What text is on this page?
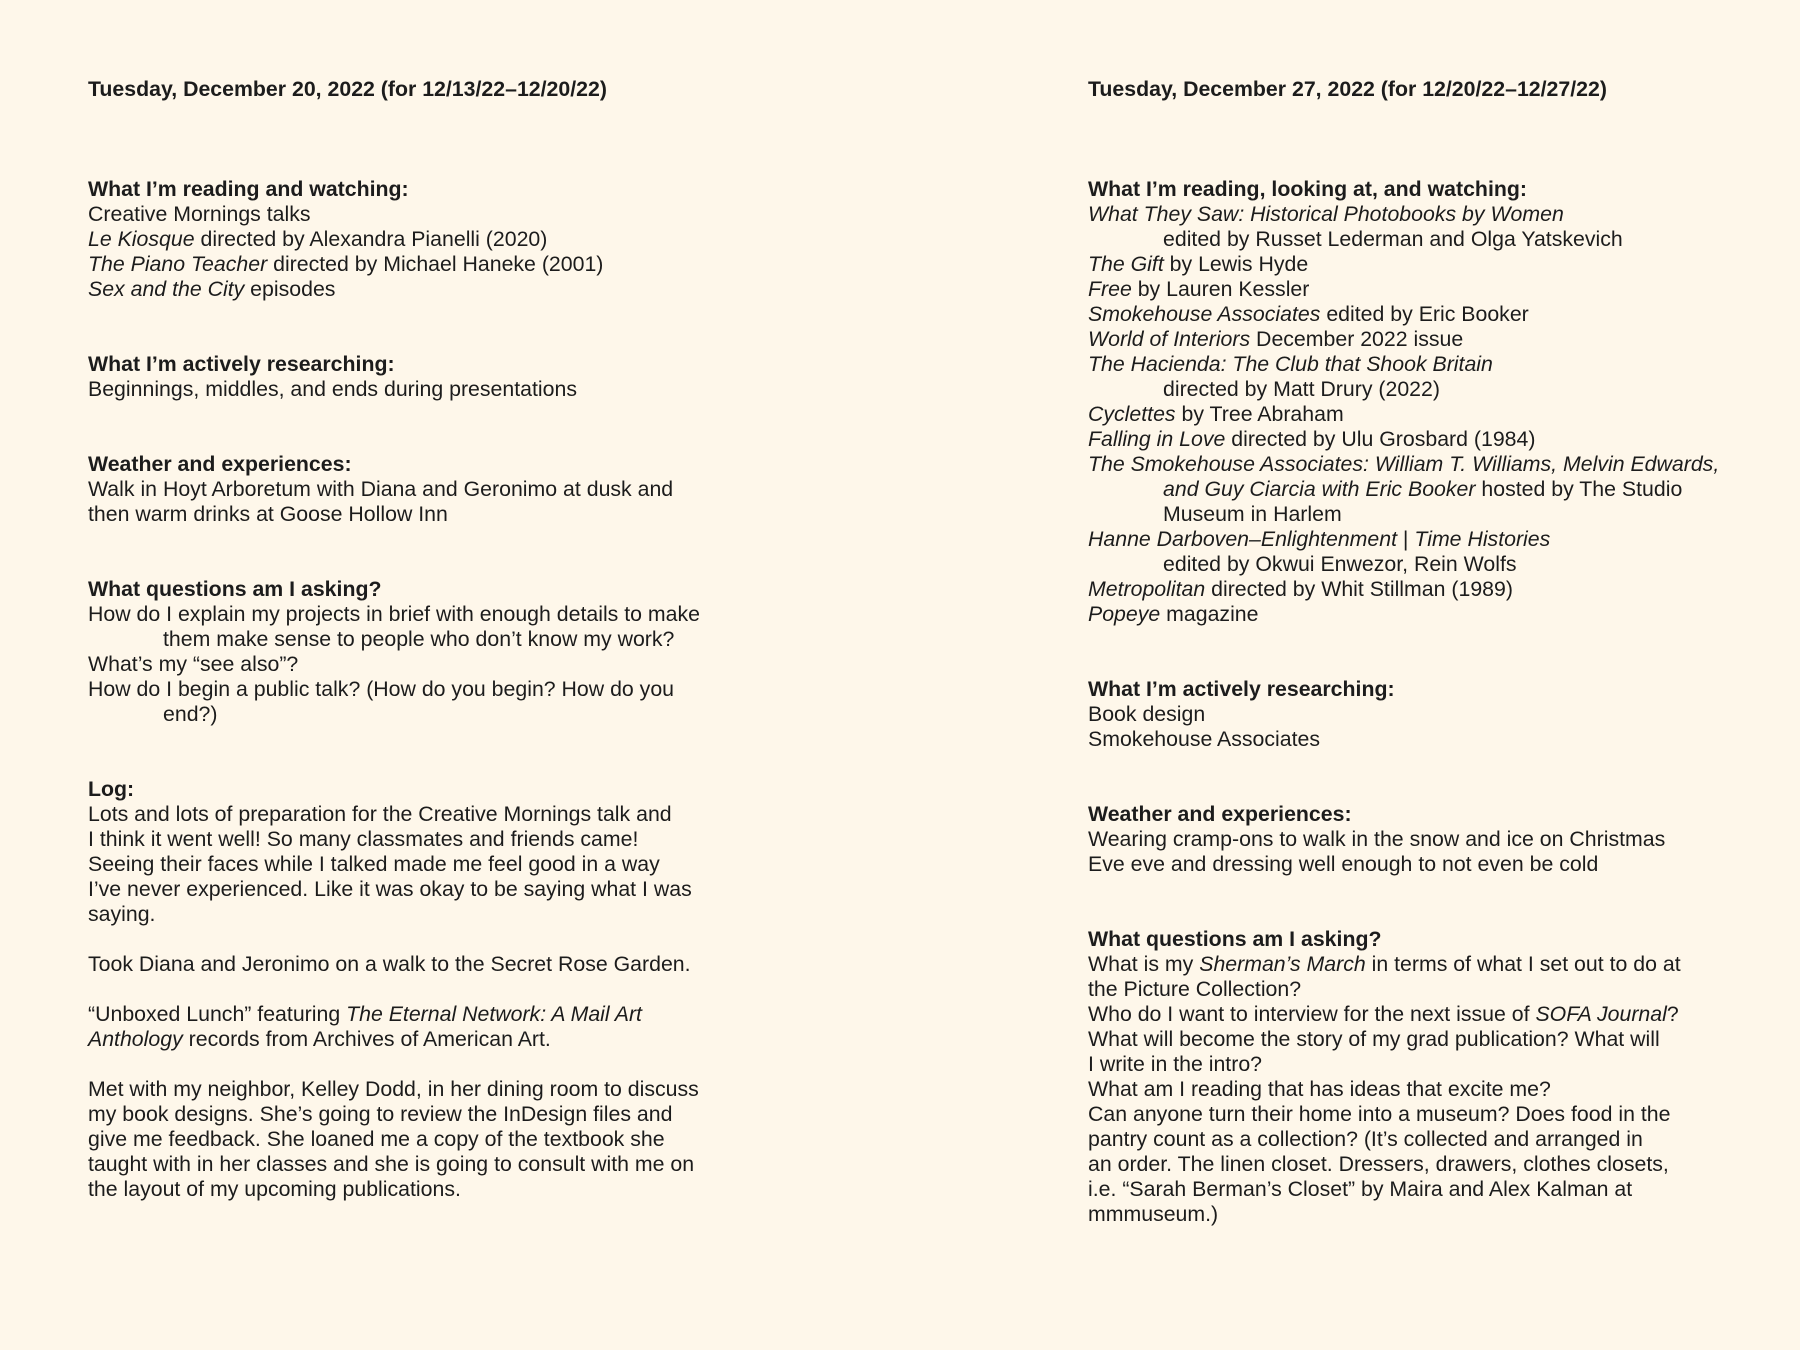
Tuesday, December 20, 2022 (for 12/13/22–12/20/22)
What I’m reading and watching:
Creative Mornings talks
Le Kiosque directed by Alexandra Pianelli (2020)
The Piano Teacher directed by Michael Haneke (2001)
Sex and the City episodes
What I’m actively researching:
Beginnings, middles, and ends during presentations
Weather and experiences:
Walk in Hoyt Arboretum with Diana and Geronimo at dusk and
then warm drinks at Goose Hollow Inn
What questions am I asking?
How do I explain my projects in brief with enough details to make
them make sense to people who don’t know my work?
What’s my “see also”?
How do I begin a public talk? (How do you begin? How do you
end?)
Log:
Lots and lots of preparation for the Creative Mornings talk and
I think it went well! So many classmates and friends came!
Seeing their faces while I talked made me feel good in a way
I’ve never experienced. Like it was okay to be saying what I was
saying.
Took Diana and Jeronimo on a walk to the Secret Rose Garden.
“Unboxed Lunch” featuring The Eternal Network: A Mail Art
Anthology records from Archives of American Art.
Met with my neighbor, Kelley Dodd, in her dining room to discuss
my book designs. She’s going to review the InDesign files and
give me feedback. She loaned me a copy of the textbook she
taught with in her classes and she is going to consult with me on
the layout of my upcoming publications.
Tuesday, December 27, 2022 (for 12/20/22–12/27/22)
What I’m reading, looking at, and watching:
What They Saw: Historical Photobooks by Women
edited by Russet Lederman and Olga Yatskevich
The Gift by Lewis Hyde
Free by Lauren Kessler
Smokehouse Associates edited by Eric Booker
World of Interiors December 2022 issue
The Hacienda: The Club that Shook Britain
directed by Matt Drury (2022)
Cyclettes by Tree Abraham
Falling in Love directed by Ulu Grosbard (1984)
The Smokehouse Associates: William T. Williams, Melvin Edwards,
and Guy Ciarcia with Eric Booker hosted by The Studio
Museum in Harlem
Hanne Darboven–Enlightenment | Time Histories
edited by Okwui Enwezor, Rein Wolfs
Metropolitan directed by Whit Stillman (1989)
Popeye magazine
What I’m actively researching:
Book design
Smokehouse Associates
Weather and experiences:
Wearing cramp-ons to walk in the snow and ice on Christmas
Eve eve and dressing well enough to not even be cold
What questions am I asking?
What is my Sherman’s March in terms of what I set out to do at
the Picture Collection?
Who do I want to interview for the next issue of SOFA Journal?
What will become the story of my grad publication? What will
I write in the intro?
What am I reading that has ideas that excite me?
Can anyone turn their home into a museum? Does food in the
pantry count as a collection? (It’s collected and arranged in
an order. The linen closet. Dressers, drawers, clothes closets,
i.e. “Sarah Berman’s Closet” by Maira and Alex Kalman at
mmmuseum.)
